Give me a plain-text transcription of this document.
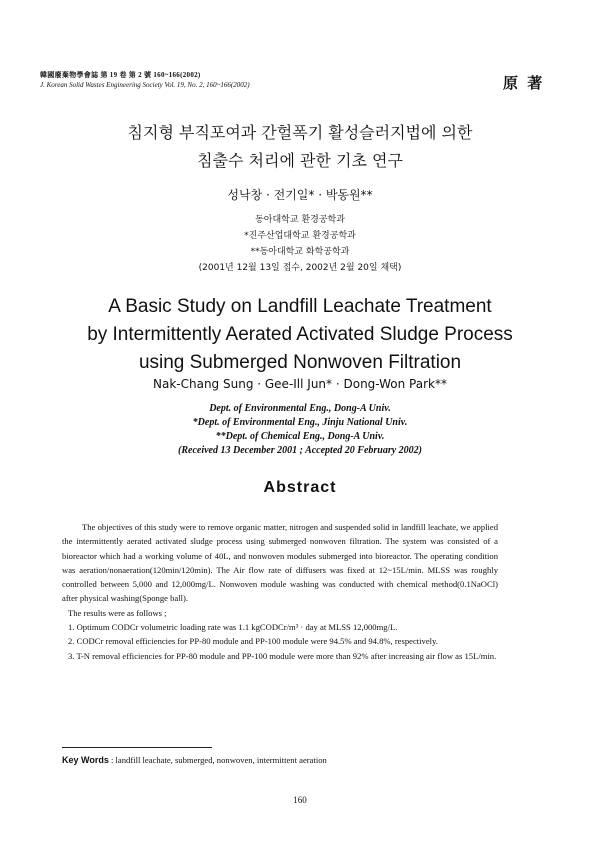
韓國廢棄物學會誌 第 19 卷 第 2 號 160~166(2002)
J. Korean Solid Wastes Engineering Society Vol. 19, No. 2, 160~166(2002)	原 著
침지형 부직포여과 간헐폭기 활성슬러지법에 의한
침출수 처리에 관한 기초 연구
성낙창 · 전기일* · 박동원**
동아대학교 환경공학과
*진주산업대학교 환경공학과
**동아대학교 화학공학과
(2001년 12월 13일 접수, 2002년 2월 20일 채택)
A Basic Study on Landfill Leachate Treatment
by Intermittently Aerated Activated Sludge Process
using Submerged Nonwoven Filtration
Nak-Chang Sung · Gee-Ill Jun* · Dong-Won Park**
Dept. of Environmental Eng., Dong-A Univ.
*Dept. of Environmental Eng., Jinju National Univ.
**Dept. of Chemical Eng., Dong-A Univ.
(Received 13 December 2001 ; Accepted 20 February 2002)
Abstract

The objectives of this study were to remove organic matter, nitrogen and suspended solid in landfill leachate, we applied the intermittently aerated activated sludge process using submerged nonwoven filtration. The system was consisted of a bioreactor which had a working volume of 40L, and nonwoven modules submerged into bioreactor. The operating condition was aeration/nonaeration(120min/120min). The Air flow rate of diffusers was fixed at 12~15L/min. MLSS was roughly controlled between 5,000 and 12,000mg/L. Nonwoven module washing was conducted with chemical method(0.1NaOCl) after physical washing(Sponge ball).

The results were as follows ;
1. Optimum CODCr volumetric loading rate was 1.1 kgCODCr/m³ · day at MLSS 12,000mg/L.
2. CODCr removal efficiencies for PP-80 module and PP-100 module were 94.5% and 94.8%, respectively.
3. T-N removal efficiencies for PP-80 module and PP-100 module were more than 92% after increasing air flow as 15L/min.
Key Words : landfill leachate, submerged, nonwoven, intermittent aeration
160
